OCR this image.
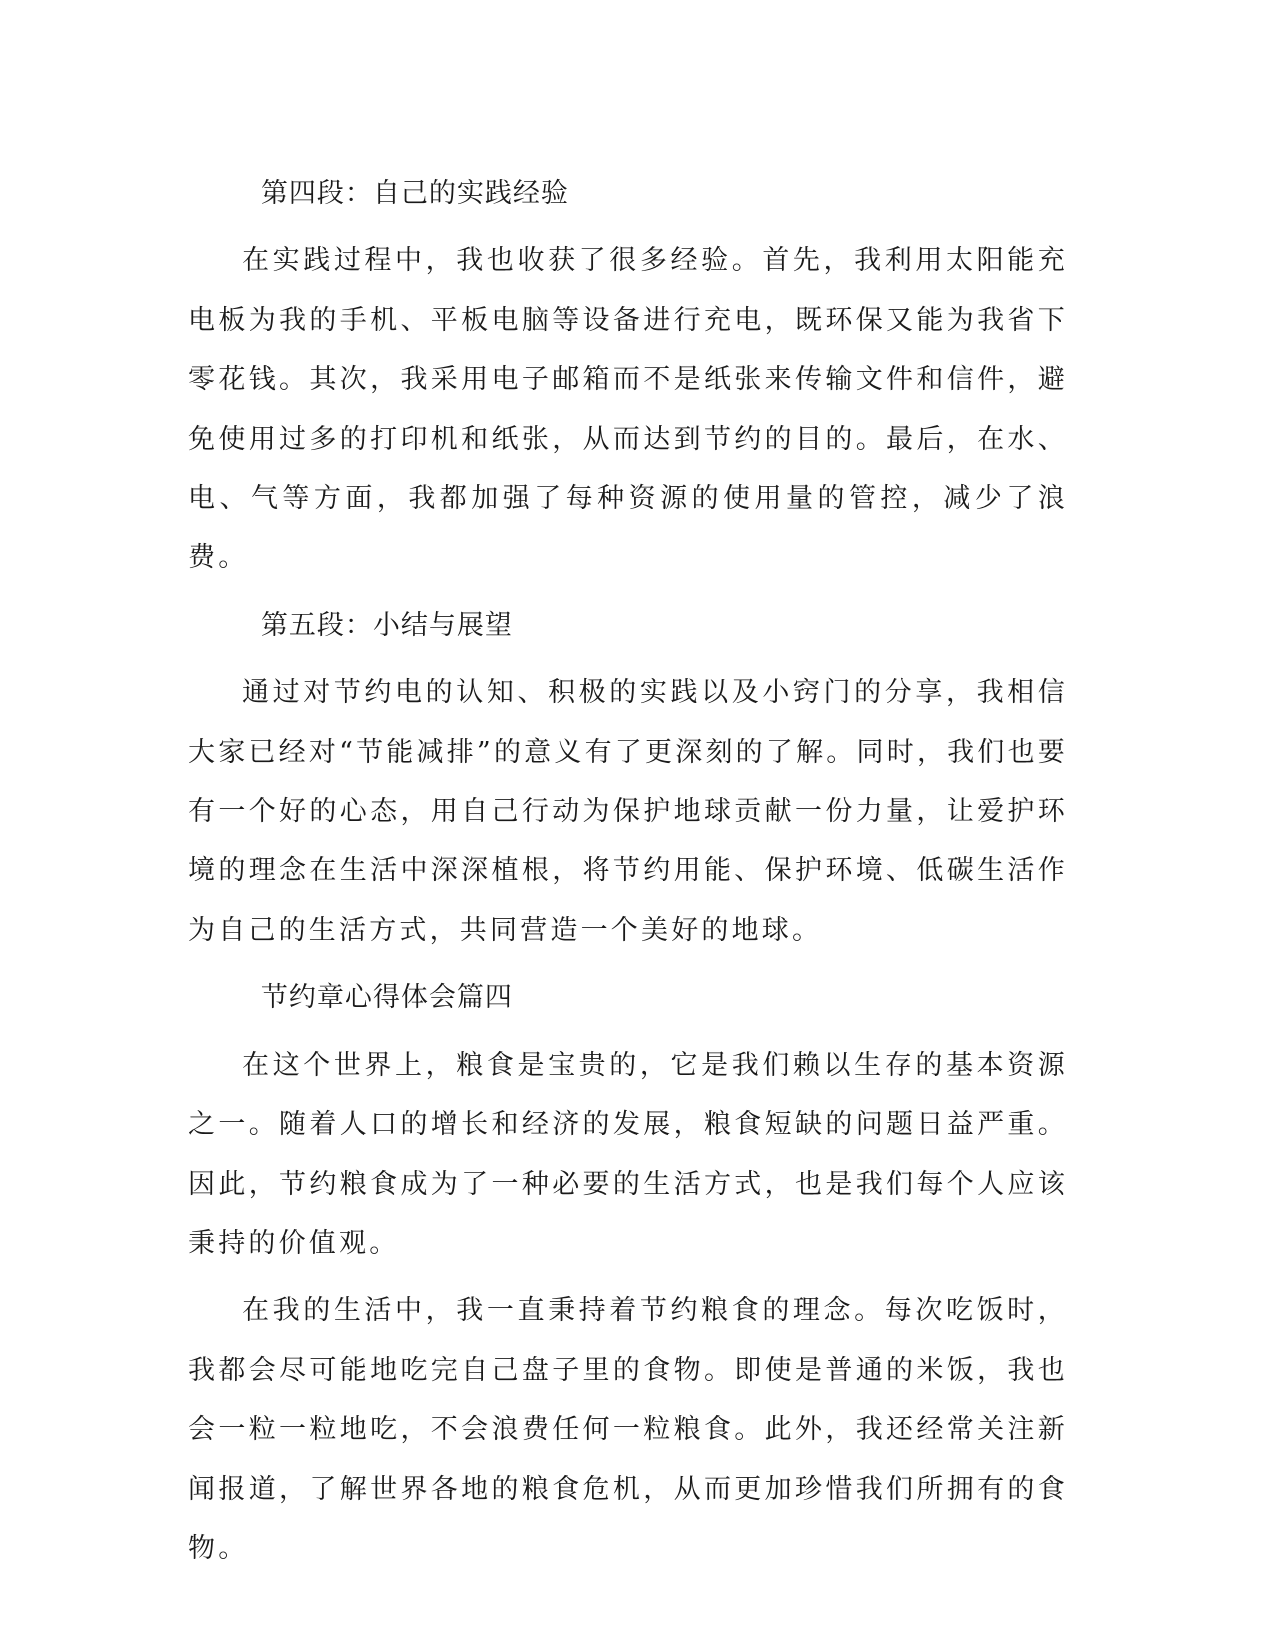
第四段：自己的实践经验

在实践过程中，我也收获了很多经验。首先，我利用太阳能充电板为我的手机、平板电脑等设备进行充电，既环保又能为我省下零花钱。其次，我采用电子邮箱而不是纸张来传输文件和信件，避免使用过多的打印机和纸张，从而达到节约的目的。最后，在水、电、气等方面，我都加强了每种资源的使用量的管控，减少了浪费。

第五段：小结与展望

通过对节约电的认知、积极的实践以及小窍门的分享，我相信大家已经对“节能减排”的意义有了更深刻的了解。同时，我们也要有一个好的心态，用自己行动为保护地球贡献一份力量，让爱护环境的理念在生活中深深植根，将节约用能、保护环境、低碳生活作为自己的生活方式，共同营造一个美好的地球。

节约章心得体会篇四

在这个世界上，粮食是宝贵的，它是我们赖以生存的基本资源之一。随着人口的增长和经济的发展，粮食短缺的问题日益严重。因此，节约粮食成为了一种必要的生活方式，也是我们每个人应该秉持的价值观。

在我的生活中，我一直秉持着节约粮食的理念。每次吃饭时，我都会尽可能地吃完自己盘子里的食物。即使是普通的米饭，我也会一粒一粒地吃，不会浪费任何一粒粮食。此外，我还经常关注新闻报道，了解世界各地的粮食危机，从而更加珍惜我们所拥有的食物。
